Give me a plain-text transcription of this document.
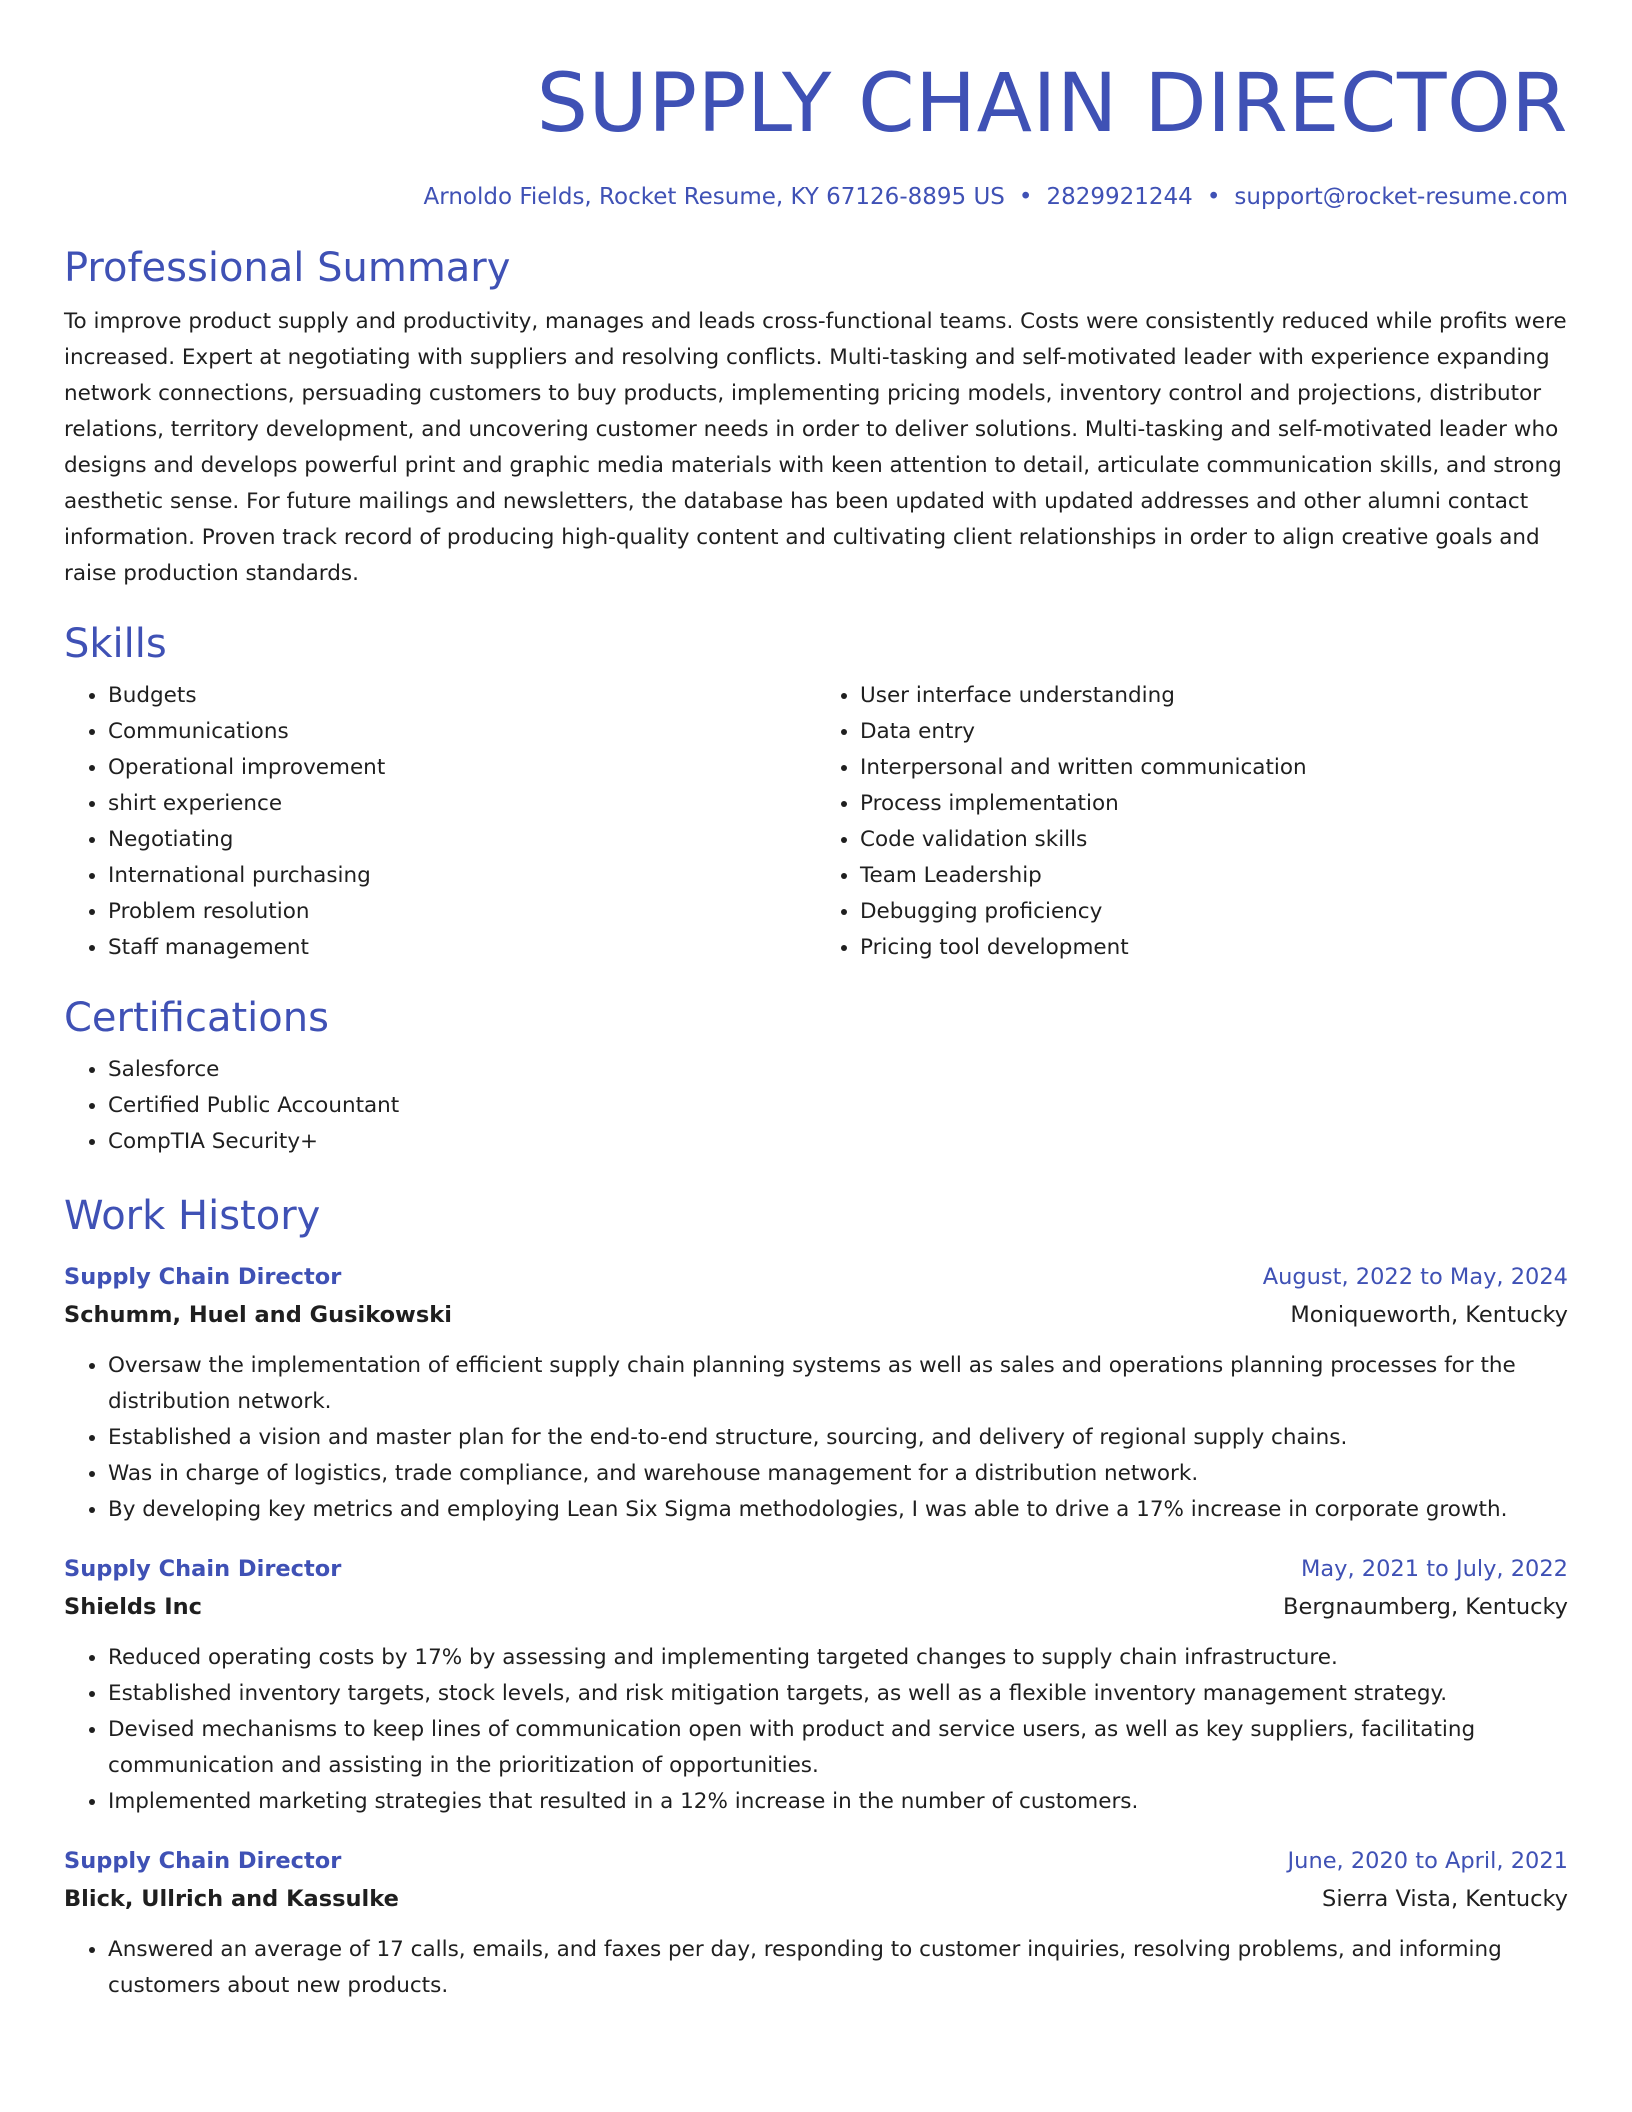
SUPPLY CHAIN DIRECTOR
Arnoldo Fields, Rocket Resume, KY 67126-8895 US • 2829921244 • support@rocket-resume.com
Professional Summary

To improve product supply and productivity, manages and leads cross-functional teams. Costs were consistently reduced while profits were increased. Expert at negotiating with suppliers and resolving conflicts. Multi-tasking and self-motivated leader with experience expanding network connections, persuading customers to buy products, implementing pricing models, inventory control and projections, distributor relations, territory development, and uncovering customer needs in order to deliver solutions. Multi-tasking and self-motivated leader who designs and develops powerful print and graphic media materials with keen attention to detail, articulate communication skills, and strong aesthetic sense. For future mailings and newsletters, the database has been updated with updated addresses and other alumni contact information. Proven track record of producing high-quality content and cultivating client relationships in order to align creative goals and raise production standards.

Skills
• Budgets
• Communications
• Operational improvement
• shirt experience
• Negotiating
• International purchasing
• Problem resolution
• Staff management
• User interface understanding
• Data entry
• Interpersonal and written communication
• Process implementation
• Code validation skills
• Team Leadership
• Debugging proficiency
• Pricing tool development
Certifications
• Salesforce
• Certified Public Accountant
• CompTIA Security+
Work History
Supply Chain Director	August, 2022 to May, 2024
Schumm, Huel and Gusikowski	Moniqueworth, Kentucky
• Oversaw the implementation of efficient supply chain planning systems as well as sales and operations planning processes for the distribution network.
• Established a vision and master plan for the end-to-end structure, sourcing, and delivery of regional supply chains.
• Was in charge of logistics, trade compliance, and warehouse management for a distribution network.
• By developing key metrics and employing Lean Six Sigma methodologies, I was able to drive a 17% increase in corporate growth.
Supply Chain Director	May, 2021 to July, 2022
Shields Inc	Bergnaumberg, Kentucky
• Reduced operating costs by 17% by assessing and implementing targeted changes to supply chain infrastructure.
• Established inventory targets, stock levels, and risk mitigation targets, as well as a flexible inventory management strategy.
• Devised mechanisms to keep lines of communication open with product and service users, as well as key suppliers, facilitating communication and assisting in the prioritization of opportunities.
• Implemented marketing strategies that resulted in a 12% increase in the number of customers.
Supply Chain Director	June, 2020 to April, 2021
Blick, Ullrich and Kassulke	Sierra Vista, Kentucky
• Answered an average of 17 calls, emails, and faxes per day, responding to customer inquiries, resolving problems, and informing customers about new products.
